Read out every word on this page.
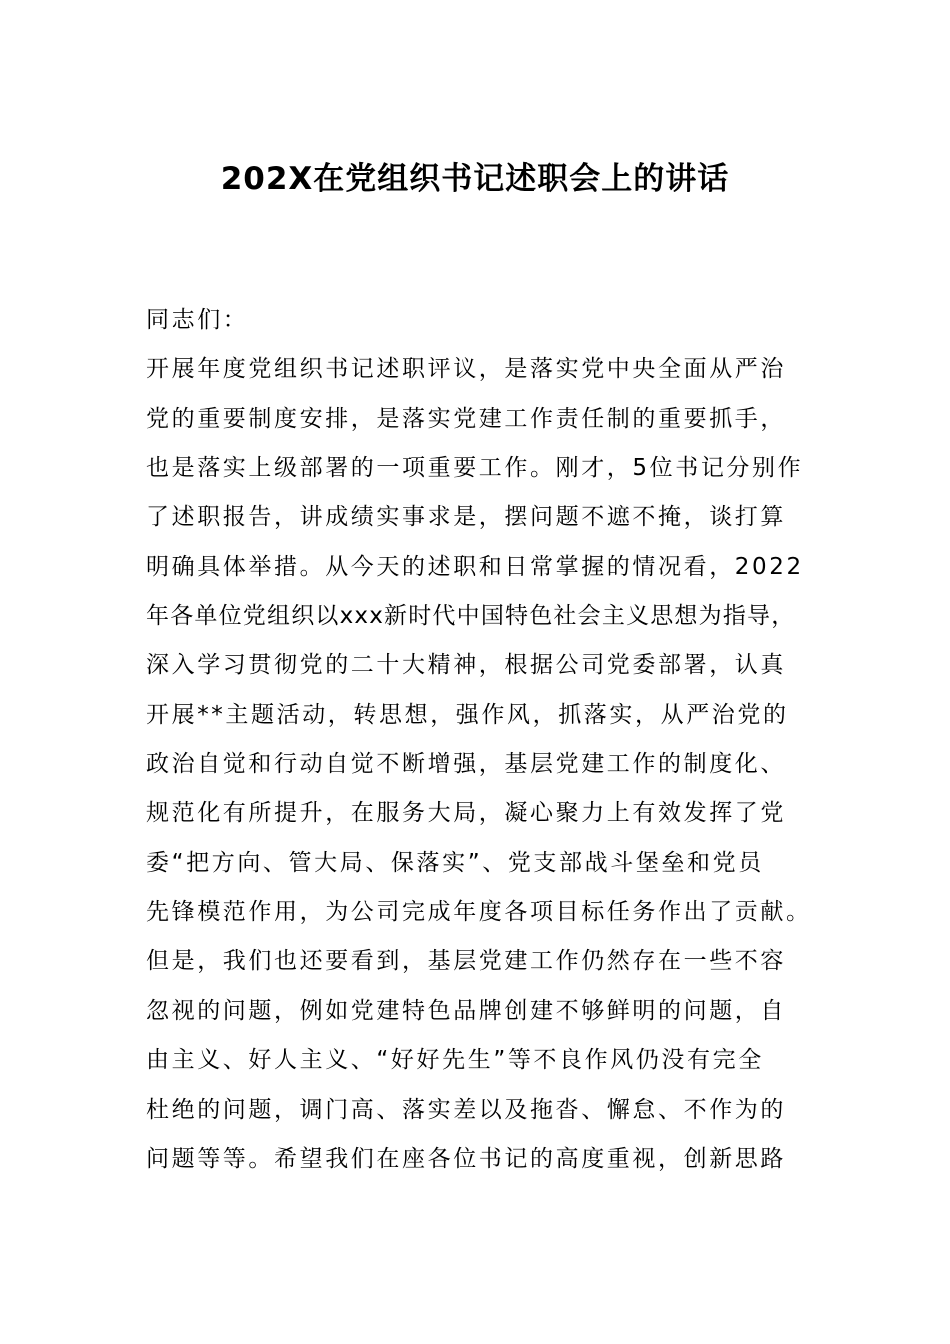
202X在党组织书记述职会上的讲话
同志们：
开展年度党组织书记述职评议，是落实党中央全面从严治
党的重要制度安排，是落实党建工作责任制的重要抓手，
也是落实上级部署的一项重要工作。刚才，5位书记分别作
了述职报告，讲成绩实事求是，摆问题不遮不掩，谈打算
明确具体举措。从今天的述职和日常掌握的情况看，2022
年各单位党组织以xxx新时代中国特色社会主义思想为指导，
深入学习贯彻党的二十大精神，根据公司党委部署，认真
开展**主题活动，转思想，强作风，抓落实，从严治党的
政治自觉和行动自觉不断增强，基层党建工作的制度化、
规范化有所提升，在服务大局，凝心聚力上有效发挥了党
委“把方向、管大局、保落实”、党支部战斗堡垒和党员
先锋模范作用，为公司完成年度各项目标任务作出了贡献。
但是，我们也还要看到，基层党建工作仍然存在一些不容
忽视的问题，例如党建特色品牌创建不够鲜明的问题，自
由主义、好人主义、“好好先生”等不良作风仍没有完全
杜绝的问题，调门高、落实差以及拖沓、懈怠、不作为的
问题等等。希望我们在座各位书记的高度重视，创新思路
